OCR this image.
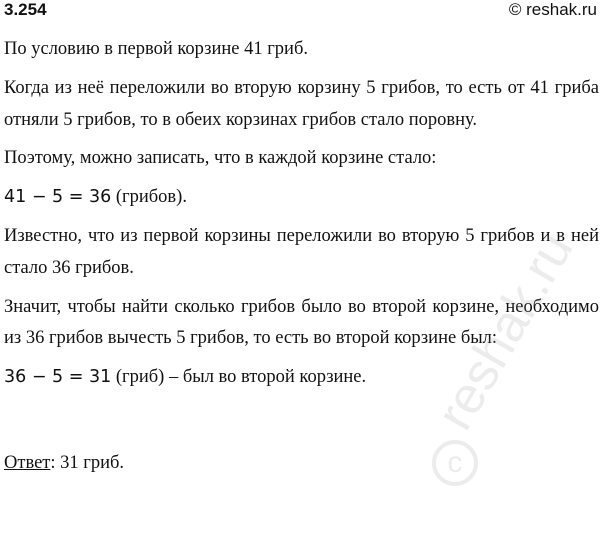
3.254	© reshak.ru

По условию в первой корзине 41 гриб.

Когда из неё переложили во вторую корзину 5 грибов, то есть от 41 гриба отняли 5 грибов, то в обеих корзинах грибов стало поровну.

Поэтому, можно записать, что в каждой корзине стало:

41 − 5 = 36 (грибов).

Известно, что из первой корзины переложили во вторую 5 грибов и в ней стало 36 грибов.

Значит, чтобы найти сколько грибов было во второй корзине, необходимо из 36 грибов вычесть 5 грибов, то есть во второй корзине был:

36 − 5 = 31 (гриб) – был во второй корзине.

Ответ: 31 гриб.

reshak.ru
c
